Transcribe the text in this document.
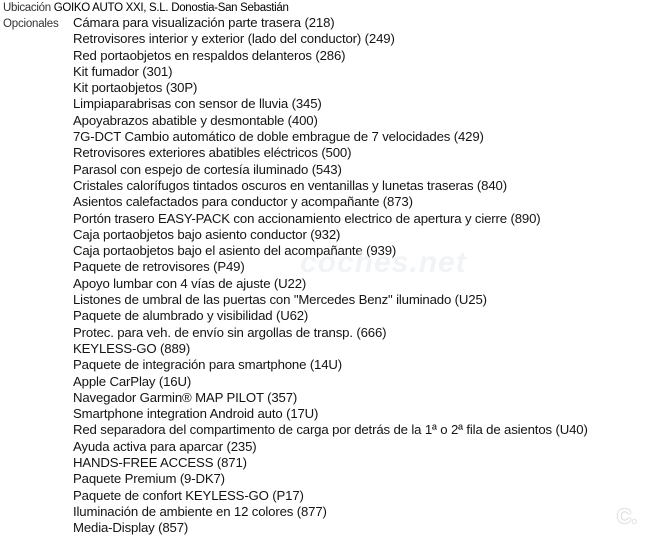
Ubicación GOIKO AUTO XXI, S.L. Donostia-San Sebastián
Opcionales Cámara para visualización parte trasera (218)
Retrovisores interior y exterior (lado del conductor) (249)
Red portaobjetos en respaldos delanteros (286)
Kit fumador (301)
Kit portaobjetos (30P)
Limpiaparabrisas con sensor de lluvia (345)
Apoyabrazos abatible y desmontable (400)
7G-DCT Cambio automático de doble embrague de 7 velocidades (429)
Retrovisores exteriores abatibles eléctricos (500)
Parasol con espejo de cortesía iluminado (543)
Cristales calorífugos tintados oscuros en ventanillas y lunetas traseras (840)
Asientos calefactados para conductor y acompañante (873)
Portón trasero EASY-PACK con accionamiento electrico de apertura y cierre (890)
Caja portaobjetos bajo asiento conductor (932)
Caja portaobjetos bajo el asiento del acompañante (939)
Paquete de retrovisores (P49)
Apoyo lumbar con 4 vías de ajuste (U22)
Listones de umbral de las puertas con "Mercedes Benz" iluminado (U25)
Paquete de alumbrado y visibilidad (U62)
Protec. para veh. de envío sin argollas de transp. (666)
KEYLESS-GO (889)
Paquete de integración para smartphone (14U)
Apple CarPlay (16U)
Navegador Garmin® MAP PILOT (357)
Smartphone integration Android auto (17U)
Red separadora del compartimento de carga por detrás de la 1ª o 2ª fila de asientos (U40)
Ayuda activa para aparcar (235)
HANDS-FREE ACCESS (871)
Paquete Premium (9-DK7)
Paquete de confort KEYLESS-GO (P17)
Iluminación de ambiente en 12 colores (877)
Media-Display (857)
coches.net
C.
